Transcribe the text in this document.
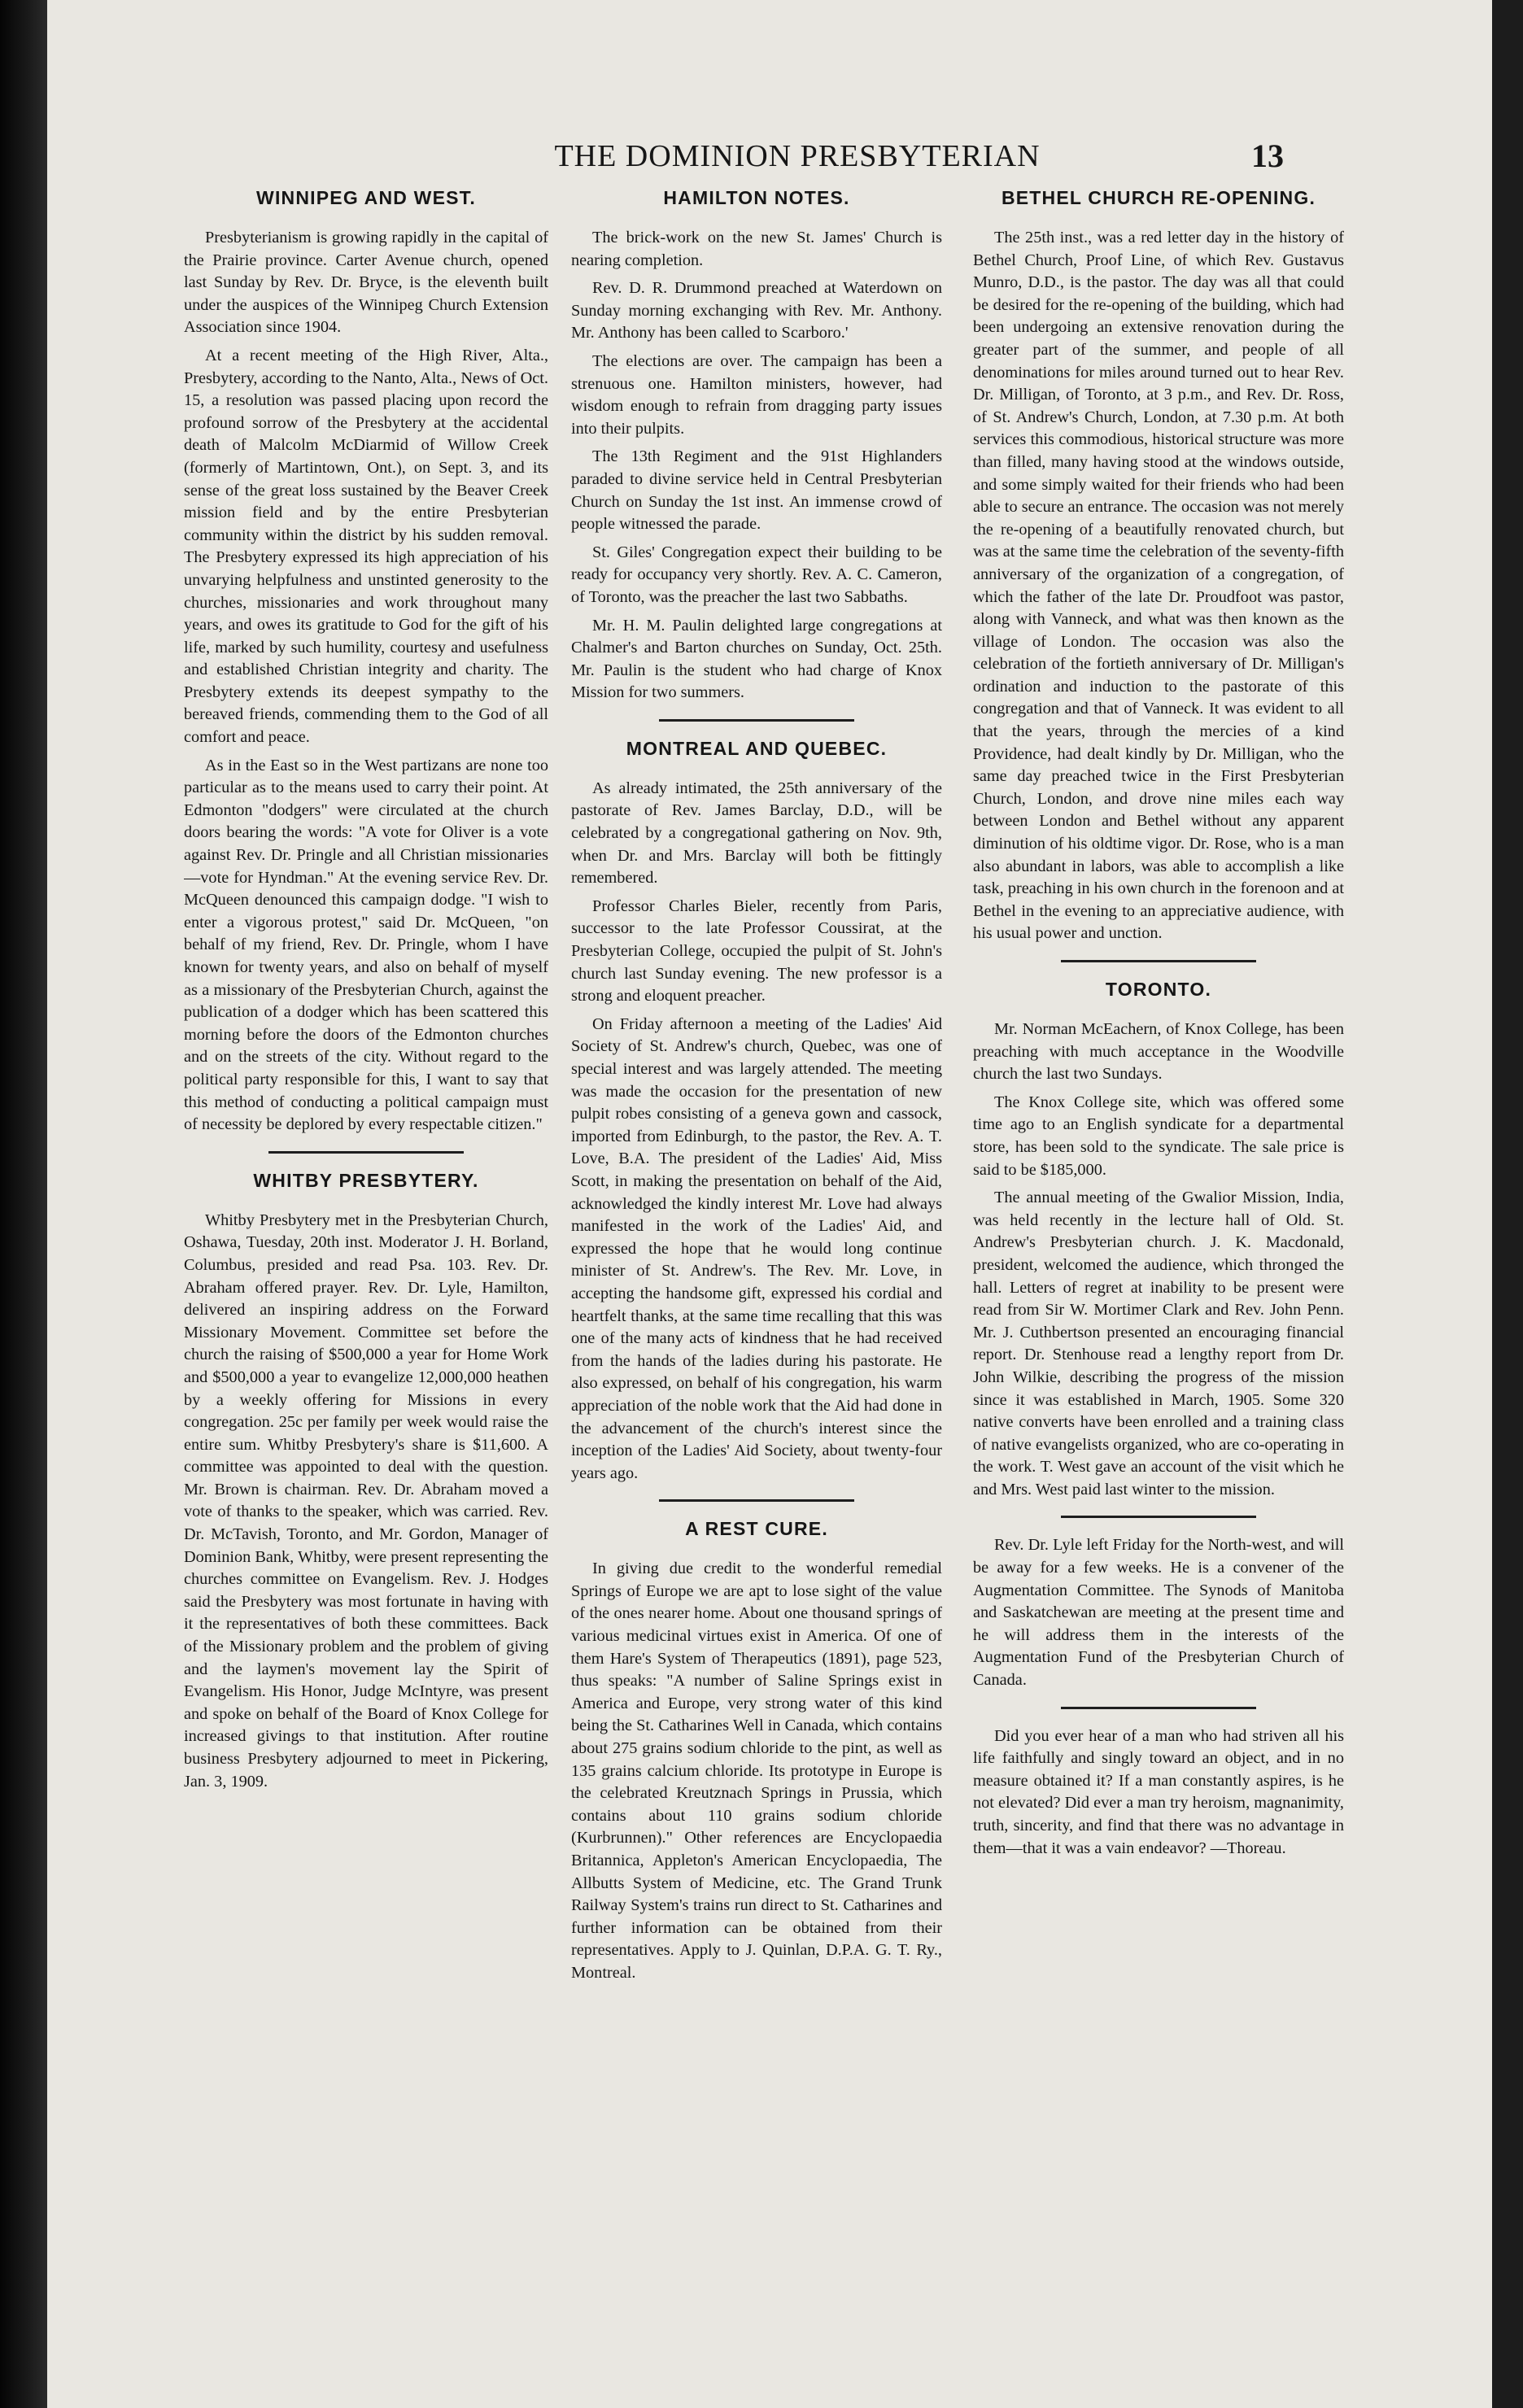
THE DOMINION PRESBYTERIAN	13
WINNIPEG AND WEST.

Presbyterianism is growing rapidly in the capital of the Prairie province. Carter Avenue church, opened last Sunday by Rev. Dr. Bryce, is the eleventh built under the auspices of the Winnipeg Church Extension Association since 1904.

At a recent meeting of the High River, Alta., Presbytery, according to the Nanto, Alta., News of Oct. 15, a resolution was passed placing upon record the profound sorrow of the Presbytery at the accidental death of Malcolm McDiarmid of Willow Creek (formerly of Martintown, Ont.), on Sept. 3, and its sense of the great loss sustained by the Beaver Creek mission field and by the entire Presbyterian community within the district by his sudden removal. The Presbytery expressed its high appreciation of his unvarying helpfulness and unstinted generosity to the churches, missionaries and work throughout many years, and owes its gratitude to God for the gift of his life, marked by such humility, courtesy and usefulness and established Christian integrity and charity. The Presbytery extends its deepest sympathy to the bereaved friends, commending them to the God of all comfort and peace.

As in the East so in the West partizans are none too particular as to the means used to carry their point. At Edmonton "dodgers" were circulated at the church doors bearing the words: "A vote for Oliver is a vote against Rev. Dr. Pringle and all Christian missionaries—vote for Hyndman." At the evening service Rev. Dr. McQueen denounced this campaign dodge. "I wish to enter a vigorous protest," said Dr. McQueen, "on behalf of my friend, Rev. Dr. Pringle, whom I have known for twenty years, and also on behalf of myself as a missionary of the Presbyterian Church, against the publication of a dodger which has been scattered this morning before the doors of the Edmonton churches and on the streets of the city. Without regard to the political party responsible for this, I want to say that this method of conducting a political campaign must of necessity be deplored by every respectable citizen."

WHITBY PRESBYTERY.

Whitby Presbytery met in the Presbyterian Church, Oshawa, Tuesday, 20th inst. Moderator J. H. Borland, Columbus, presided and read Psa. 103. Rev. Dr. Abraham offered prayer. Rev. Dr. Lyle, Hamilton, delivered an inspiring address on the Forward Missionary Movement. Committee set before the church the raising of $500,000 a year for Home Work and $500,000 a year to evangelize 12,000,000 heathen by a weekly offering for Missions in every congregation. 25c per family per week would raise the entire sum. Whitby Presbytery's share is $11,600. A committee was appointed to deal with the question. Mr. Brown is chairman. Rev. Dr. Abraham moved a vote of thanks to the speaker, which was carried. Rev. Dr. McTavish, Toronto, and Mr. Gordon, Manager of Dominion Bank, Whitby, were present representing the churches committee on Evangelism. Rev. J. Hodges said the Presbytery was most fortunate in having with it the representatives of both these committees. Back of the Missionary problem and the problem of giving and the laymen's movement lay the Spirit of Evangelism. His Honor, Judge McIntyre, was present and spoke on behalf of the Board of Knox College for increased givings to that institution. After routine business Presbytery adjourned to meet in Pickering, Jan. 3, 1909.

HAMILTON NOTES.

The brick-work on the new St. James' Church is nearing completion.

Rev. D. R. Drummond preached at Waterdown on Sunday morning exchanging with Rev. Mr. Anthony. Mr. Anthony has been called to Scarboro.'

The elections are over. The campaign has been a strenuous one. Hamilton ministers, however, had wisdom enough to refrain from dragging party issues into their pulpits.

The 13th Regiment and the 91st Highlanders paraded to divine service held in Central Presbyterian Church on Sunday the 1st inst. An immense crowd of people witnessed the parade.

St. Giles' Congregation expect their building to be ready for occupancy very shortly. Rev. A. C. Cameron, of Toronto, was the preacher the last two Sabbaths.

Mr. H. M. Paulin delighted large congregations at Chalmer's and Barton churches on Sunday, Oct. 25th. Mr. Paulin is the student who had charge of Knox Mission for two summers.

MONTREAL AND QUEBEC.

As already intimated, the 25th anniversary of the pastorate of Rev. James Barclay, D.D., will be celebrated by a congregational gathering on Nov. 9th, when Dr. and Mrs. Barclay will both be fittingly remembered.

Professor Charles Bieler, recently from Paris, successor to the late Professor Coussirat, at the Presbyterian College, occupied the pulpit of St. John's church last Sunday evening. The new professor is a strong and eloquent preacher.

On Friday afternoon a meeting of the Ladies' Aid Society of St. Andrew's church, Quebec, was one of special interest and was largely attended. The meeting was made the occasion for the presentation of new pulpit robes consisting of a geneva gown and cassock, imported from Edinburgh, to the pastor, the Rev. A. T. Love, B.A. The president of the Ladies' Aid, Miss Scott, in making the presentation on behalf of the Aid, acknowledged the kindly interest Mr. Love had always manifested in the work of the Ladies' Aid, and expressed the hope that he would long continue minister of St. Andrew's. The Rev. Mr. Love, in accepting the handsome gift, expressed his cordial and heartfelt thanks, at the same time recalling that this was one of the many acts of kindness that he had received from the hands of the ladies during his pastorate. He also expressed, on behalf of his congregation, his warm appreciation of the noble work that the Aid had done in the advancement of the church's interest since the inception of the Ladies' Aid Society, about twenty-four years ago.

A REST CURE.

In giving due credit to the wonderful remedial Springs of Europe we are apt to lose sight of the value of the ones nearer home. About one thousand springs of various medicinal virtues exist in America. Of one of them Hare's System of Therapeutics (1891), page 523, thus speaks: "A number of Saline Springs exist in America and Europe, very strong water of this kind being the St. Catharines Well in Canada, which contains about 275 grains sodium chloride to the pint, as well as 135 grains calcium chloride. Its prototype in Europe is the celebrated Kreutznach Springs in Prussia, which contains about 110 grains sodium chloride (Kurbrunnen)." Other references are Encyclopaedia Britannica, Appleton's American Encyclopaedia, The Allbutts System of Medicine, etc. The Grand Trunk Railway System's trains run direct to St. Catharines and further information can be obtained from their representatives. Apply to J. Quinlan, D.P.A. G. T. Ry., Montreal.

BETHEL CHURCH RE-OPENING.

The 25th inst., was a red letter day in the history of Bethel Church, Proof Line, of which Rev. Gustavus Munro, D.D., is the pastor. The day was all that could be desired for the re-opening of the building, which had been undergoing an extensive renovation during the greater part of the summer, and people of all denominations for miles around turned out to hear Rev. Dr. Milligan, of Toronto, at 3 p.m., and Rev. Dr. Ross, of St. Andrew's Church, London, at 7.30 p.m. At both services this commodious, historical structure was more than filled, many having stood at the windows outside, and some simply waited for their friends who had been able to secure an entrance. The occasion was not merely the re-opening of a beautifully renovated church, but was at the same time the celebration of the seventy-fifth anniversary of the organization of a congregation, of which the father of the late Dr. Proudfoot was pastor, along with Vanneck, and what was then known as the village of London. The occasion was also the celebration of the fortieth anniversary of Dr. Milligan's ordination and induction to the pastorate of this congregation and that of Vanneck. It was evident to all that the years, through the mercies of a kind Providence, had dealt kindly by Dr. Milligan, who the same day preached twice in the First Presbyterian Church, London, and drove nine miles each way between London and Bethel without any apparent diminution of his oldtime vigor. Dr. Rose, who is a man also abundant in labors, was able to accomplish a like task, preaching in his own church in the forenoon and at Bethel in the evening to an appreciative audience, with his usual power and unction.

TORONTO.

Mr. Norman McEachern, of Knox College, has been preaching with much acceptance in the Woodville church the last two Sundays.

The Knox College site, which was offered some time ago to an English syndicate for a departmental store, has been sold to the syndicate. The sale price is said to be $185,000.

The annual meeting of the Gwalior Mission, India, was held recently in the lecture hall of Old. St. Andrew's Presbyterian church. J. K. Macdonald, president, welcomed the audience, which thronged the hall. Letters of regret at inability to be present were read from Sir W. Mortimer Clark and Rev. John Penn. Mr. J. Cuthbertson presented an encouraging financial report. Dr. Stenhouse read a lengthy report from Dr. John Wilkie, describing the progress of the mission since it was established in March, 1905. Some 320 native converts have been enrolled and a training class of native evangelists organized, who are co-operating in the work. T. West gave an account of the visit which he and Mrs. West paid last winter to the mission.

Rev. Dr. Lyle left Friday for the North-west, and will be away for a few weeks. He is a convener of the Augmentation Committee. The Synods of Manitoba and Saskatchewan are meeting at the present time and he will address them in the interests of the Augmentation Fund of the Presbyterian Church of Canada.

Did you ever hear of a man who had striven all his life faithfully and singly toward an object, and in no measure obtained it? If a man constantly aspires, is he not elevated? Did ever a man try heroism, magnanimity, truth, sincerity, and find that there was no advantage in them—that it was a vain endeavor? —Thoreau.
